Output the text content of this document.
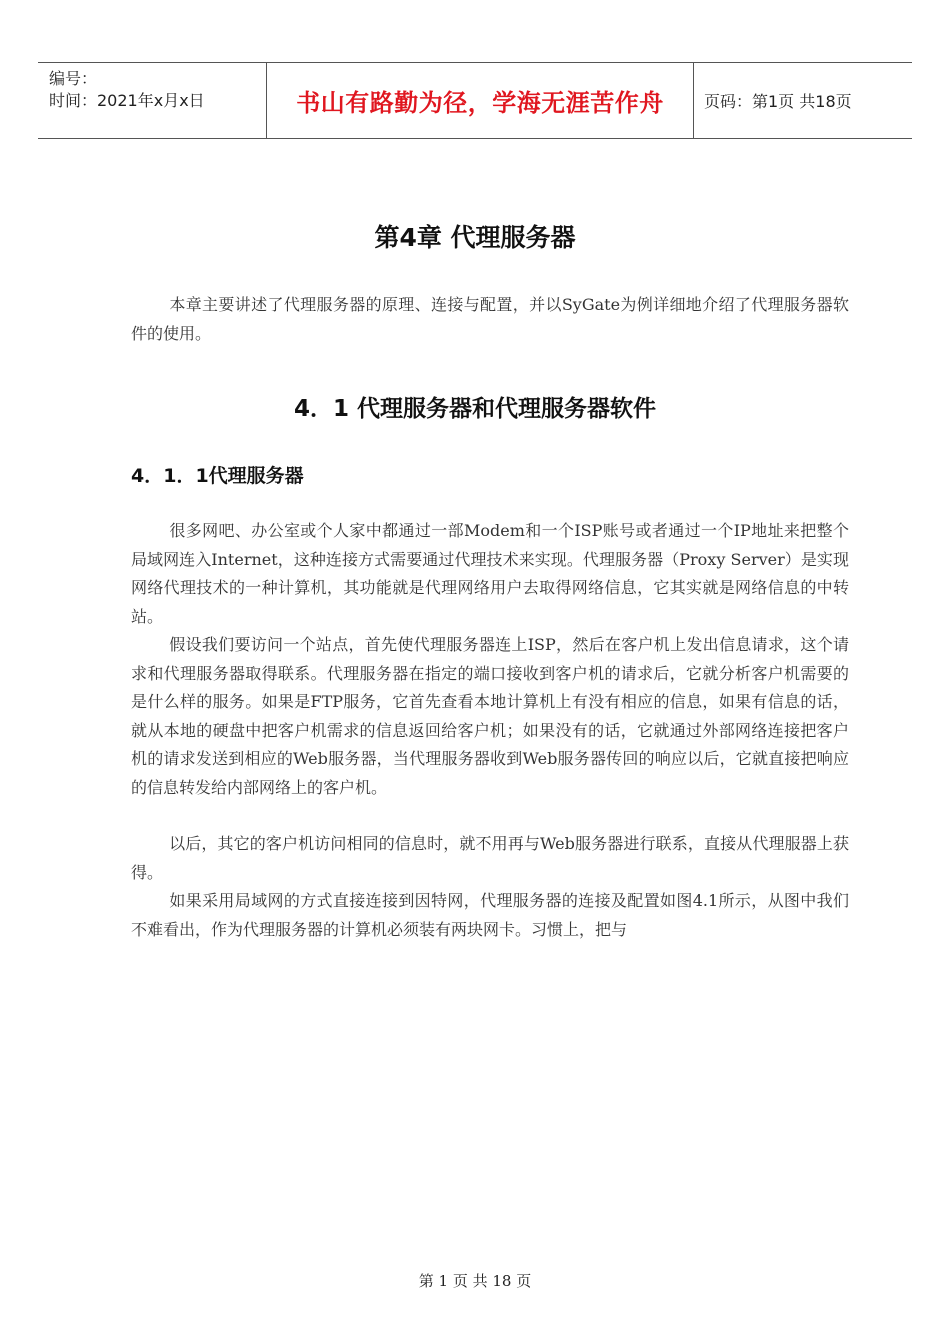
编号：
时间：2021年x月x日	书山有路勤为径，学海无涯苦作舟	页码：第1页 共18页
第4章 代理服务器

本章主要讲述了代理服务器的原理、连接与配置，并以SyGate为例详细地介绍了代理服务器软件的使用。

4．1 代理服务器和代理服务器软件
4．1．1代理服务器

很多网吧、办公室或个人家中都通过一部Modem和一个ISP账号或者通过一个IP地址来把整个局域网连入Internet，这种连接方式需要通过代理技术来实现。代理服务器（Proxy Server）是实现网络代理技术的一种计算机，其功能就是代理网络用户去取得网络信息，它其实就是网络信息的中转站。

假设我们要访问一个站点，首先使代理服务器连上ISP，然后在客户机上发出信息请求，这个请求和代理服务器取得联系。代理服务器在指定的端口接收到客户机的请求后，它就分析客户机需要的是什么样的服务。如果是FTP服务，它首先查看本地计算机上有没有相应的信息，如果有信息的话，就从本地的硬盘中把客户机需求的信息返回给客户机；如果没有的话，它就通过外部网络连接把客户机的请求发送到相应的Web服务器，当代理服务器收到Web服务器传回的响应以后，它就直接把响应的信息转发给内部网络上的客户机。

以后，其它的客户机访问相同的信息时，就不用再与Web服务器进行联系，直接从代理服器上获得。

如果采用局域网的方式直接连接到因特网，代理服务器的连接及配置如图4.1所示，从图中我们不难看出，作为代理服务器的计算机必须装有两块网卡。习惯上，把与

第 1 页 共 18 页
